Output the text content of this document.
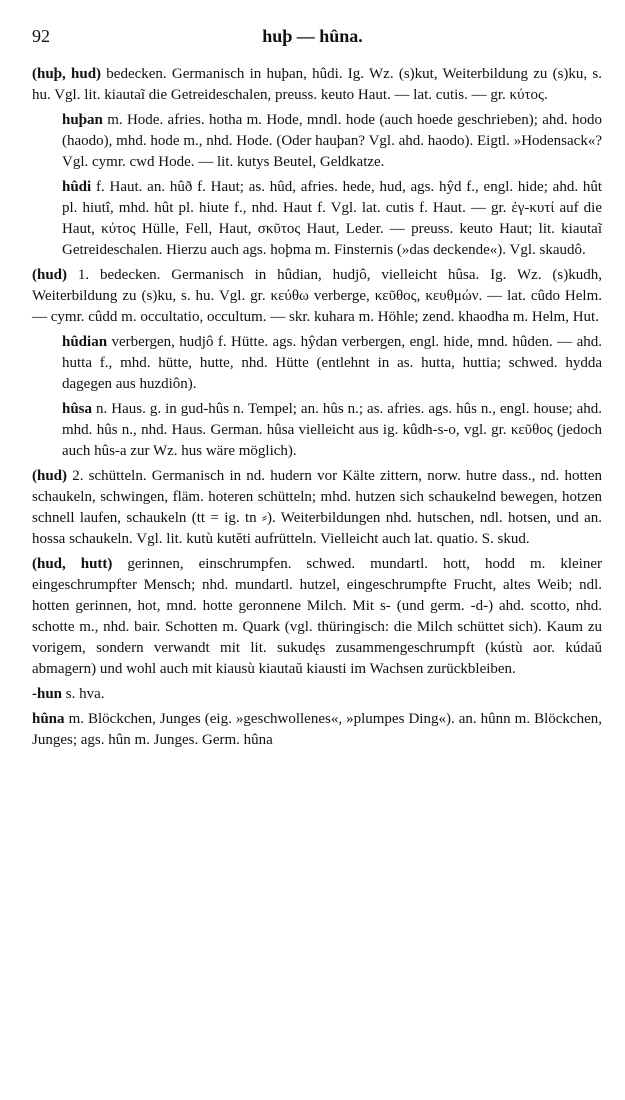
92	huþ — hûna.

(huþ, hud) bedecken. Germanisch in huþan, hûdi. Ig. Wz. (s)kut, Weiterbildung zu (s)ku, s. hu. Vgl. lit. kiautaĩ die Getreideschalen, preuss. keuto Haut. — lat. cutis. — gr. κύτος.

huþan m. Hode. afries. hotha m. Hode, mndl. hode (auch hoede geschrieben); ahd. hodo (haodo), mhd. hode m., nhd. Hode. (Oder hauþan? Vgl. ahd. haodo). Eigtl. »Hodensack«? Vgl. cymr. cwd Hode. — lit. kutys Beutel, Geldkatze.

hûdi f. Haut. an. hûð f. Haut; as. hûd, afries. hede, hud, ags. hŷd f., engl. hide; ahd. hût pl. hiutî, mhd. hût pl. hiute f., nhd. Haut f. Vgl. lat. cutis f. Haut. — gr. ἐγ-κυτί auf die Haut, κύτος Hülle, Fell, Haut, σκῦτος Haut, Leder. — preuss. keuto Haut; lit. kiautaĩ Getreideschalen. Hierzu auch ags. hoþma m. Finsternis (»das deckende«). Vgl. skaudô.

(hud) 1. bedecken. Germanisch in hûdian, hudjô, vielleicht hûsa. Ig. Wz. (s)kudh, Weiterbildung zu (s)ku, s. hu. Vgl. gr. κεύθω verberge, κεῦθος, κευθμών. — lat. cûdo Helm. — cymr. cûdd m. occultatio, occultum. — skr. kuhara m. Höhle; zend. khaodha m. Helm, Hut.

hûdian verbergen, hudjô f. Hütte. ags. hŷdan verbergen, engl. hide, mnd. hûden. — ahd. hutta f., mhd. hütte, hutte, nhd. Hütte (entlehnt in as. hutta, huttia; schwed. hydda dagegen aus huzdiôn).

hûsa n. Haus. g. in gud-hûs n. Tempel; an. hûs n.; as. afries. ags. hûs n., engl. house; ahd. mhd. hûs n., nhd. Haus. German. hûsa vielleicht aus ig. kûdh-s-o, vgl. gr. κεῦθος (jedoch auch hûs-a zur Wz. hus wäre möglich).

(hud) 2. schütteln. Germanisch in nd. hudern vor Kälte zittern, norw. hutre dass., nd. hotten schaukeln, schwingen, fläm. hoteren schütteln; mhd. hutzen sich schaukelnd bewegen, hotzen schnell laufen, schaukeln (tt = ig. tn ⸗). Weiterbildungen nhd. hutschen, ndl. hotsen, und an. hossa schaukeln. Vgl. lit. kutù kutĕti aufrütteln. Vielleicht auch lat. quatio. S. skud.

(hud, hutt) gerinnen, einschrumpfen. schwed. mundartl. hott, hodd m. kleiner eingeschrumpfter Mensch; nhd. mundartl. hutzel, eingeschrumpfte Frucht, altes Weib; ndl. hotten gerinnen, hot, mnd. hotte geronnene Milch. Mit s- (und germ. -d-) ahd. scotto, nhd. schotte m., nhd. bair. Schotten m. Quark (vgl. thüringisch: die Milch schüttet sich). Kaum zu vorigem, sondern verwandt mit lit. sukudęs zusammengeschrumpft (kústù aor. kúdaŭ abmagern) und wohl auch mit kiausù kiautaŭ kiausti im Wachsen zurückbleiben.

-hun s. hva.

hûna m. Blöckchen, Junges (eig. »geschwollenes«, »plumpes Ding«). an. hûnn m. Blöckchen, Junges; ags. hûn m. Junges. Germ. hûna
